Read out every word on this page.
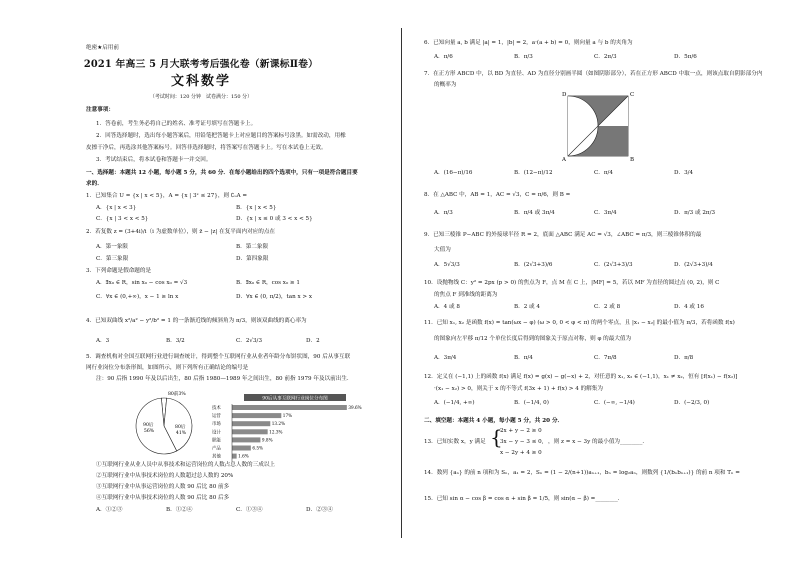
绝密★启用前
2021 年高三 5 月大联考考后强化卷（新课标Ⅱ卷）
文科数学
（考试时间：120 分钟　试卷满分：150 分）
注意事项：
1．答卷前，考生务必将自己的姓名、准考证号填写在答题卡上。
2．回答选择题时，选出每小题答案后，用铅笔把答题卡上对应题目的答案标号涂黑。如需改动，用橡
皮擦干净后，再选涂其他答案标号。回答非选择题时，将答案写在答题卡上。写在本试卷上无效。
3．考试结束后，将本试卷和答题卡一并交回。
一、选择题：本题共 12 小题，每小题 5 分，共 60 分．在每小题给出的四个选项中，只有一项是符合题目要
求的．
1．已知集合 U = {x | x < 5}，A = {x | 3ˣ ≤ 27}，则 ∁ᵤA =
A．{x | x < 3}	B．{x | x < 5}
C．{x | 3 < x < 5}	D．{x | x ≤ 0 或 3 < x < 5}
2．若复数 z = (3+4i)/i（i 为虚数单位），则 z̄ − |z| 在复平面内对应的点在
A．第一象限	B．第二象限
C．第三象限	D．第四象限
3．下列命题是假命题的是
A．∃x₀ ∈ R，sin x₀ − cos x₀ = √3	B．∃x₀ ∈ R，cos x₀ ≥ 1
C．∀x ∈ (0,+∞)，x − 1 ≥ ln x	D．∀x ∈ (0, π/2)，tan x > x
4．已知双曲线 x²/a² − y²/b² = 1 的一条渐近线的倾斜角为 π/3，则该双曲线的离心率为
A．3	B．3/2	C．2√3/3	D．2
5．调查机构对全国互联网行业进行调查统计，得到整个互联网行业从业者年龄分布饼状图，90 后从事互联
网行业岗位分布条形图，如图所示，则下列所有正确结论的编号是
注：90 后指 1990 年及以后出生，80 后指 1980—1989 年之间出生，80 前指 1979 年及以前出生．
80前3%
90后 56%
80后 41%
90后从事互联网行业岗位分布图
技术	39.6%
运营	17%
市场	13.2%
设计	12.3%
职能	9.8%
产品	6.5%
其他	1.6%
①互联网行业从业人员中从事技术和运营岗位的人数占总人数的三成以上
②互联网行业中从事技术岗位的人数超过总人数的 20%
③互联网行业中从事运营岗位的人数 90 后比 80 前多
④互联网行业中从事技术岗位的人数 90 后比 80 后多
A．①②③	B．①②④	C．①③④	D．②③④
6．已知向量 a, b 满足 |a| = 1，|b| = 2，a·(a + b) = 0，则向量 a 与 b 的夹角为
A．π/6	B．π/3	C．2π/3	D．5π/6
7．在正方形 ABCD 中，以 BD 为直径、AD 为直径分别画半圆（如图阴影部分），若在正方形 ABCD 中取一点，则该点取自阴影部分内
的概率为
D	C
A	B
A．(16−π)/16	B．(12−π)/12	C．π/4	D．3/4
8．在 △ABC 中，AB = 1，AC = √3，C = π/6，则 B =
A．π/3	B．π/4 或 3π/4	C．3π/4	D．π/3 或 2π/3
9．已知三棱锥 P−ABC 的外接球半径 R = 2，底面 △ABC 满足 AC = √3，∠ABC = π/3，则三棱锥体积的最
大值为
A．5√3/3	B．(2√3+3)/6	C．(2√3+3)/3	D．(2√3+3)/4
10．设抛物线 C：y² = 2px (p > 0) 的焦点为 F，点 M 在 C 上，|MF| = 5，若以 MF 为直径的圆过点 (0, 2)，则 C
的焦点 F 到准线的距离为
A．4 或 8	B．2 或 4	C．2 或 8	D．4 或 16
11．已知 x₁, x₂ 是函数 f(x) = tan(ωx − φ) (ω > 0, 0 < φ < π) 的两个零点，且 |x₁ − x₂| 的最小值为 π/3，若将函数 f(x)
的图象向左平移 π/12 个单位长度后得到的图象关于原点对称，则 φ 的最大值为
A．3π/4	B．π/4	C．7π/8	D．π/8
12．定义在 (−1,1) 上的函数 f(x) 满足 f(x) = g(x) − g(−x) + 2，对任意的 x₁, x₂ ∈ (−1,1)，x₁ ≠ x₂，恒有 [f(x₁) − f(x₂)]
·(x₁ − x₂) > 0，则关于 x 的不等式 f(3x + 1) + f(x) > 4 的解集为
A．(−1/4, +∞)	B．(−1/4, 0)	C．(−∞, −1/4)	D．(−2/3, 0)
二、填空题：本题共 4 小题，每小题 5 分，共 20 分．
13．已知实数 x，y 满足 {
2x + y − 2 ≥ 0
3x − y − 3 ≤ 0,
x − 2y + 4 ≥ 0
，则 z = x − 3y 的最小值为________．
14．数列 {aₙ} 的前 n 项和为 Sₙ，a₁ = 2，Sₙ = (1 − 2/(n+1))aₙ₊₁，bₙ = log₂aₙ，则数列 {1/(bₙbₙ₊₁)} 的前 n 项和 Tₙ =
15．已知 sin α − cos β = cos α + sin β = 1/5，则 sin(α − β) =________．
